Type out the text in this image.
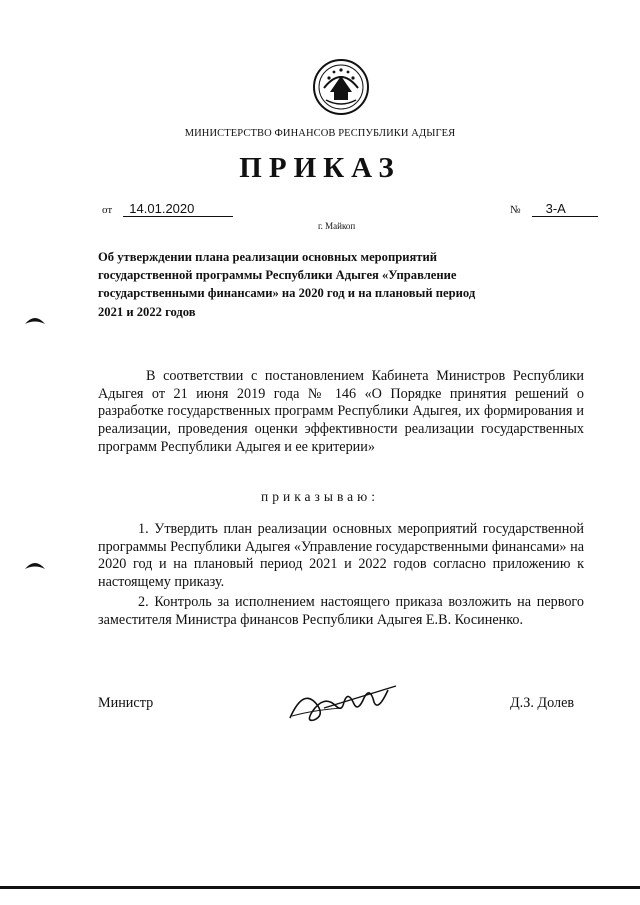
МИНИСТЕРСТВО ФИНАНСОВ РЕСПУБЛИКИ АДЫГЕЯ
ПРИКАЗ
от 14.01.2020	№ 3-А
г. Майкоп
Об утверждении плана реализации основных мероприятий государственной программы Республики Адыгея «Управление государственными финансами» на 2020 год и на плановый период 2021 и 2022 годов
В соответствии с постановлением Кабинета Министров Республики Адыгея от 21 июня 2019 года № 146 «О Порядке принятия решений о разработке государственных программ Республики Адыгея, их формирования и реализации, проведения оценки эффективности реализации государственных программ Республики Адыгея и ее критерии»
приказываю:
1. Утвердить план реализации основных мероприятий государственной программы Республики Адыгея «Управление государственными финансами» на 2020 год и на плановый период 2021 и 2022 годов согласно приложению к настоящему приказу.
2. Контроль за исполнением настоящего приказа возложить на первого заместителя Министра финансов Республики Адыгея Е.В. Косиненко.
Министр	Д.З. Долев
